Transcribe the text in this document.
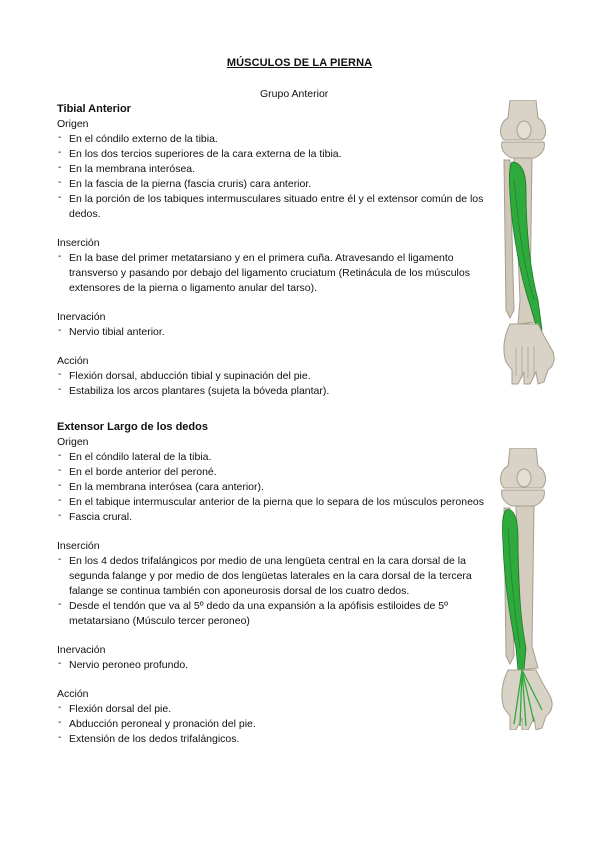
MÚSCULOS DE LA PIERNA
Grupo Anterior
Tibial Anterior
Origen
- En el cóndilo externo de la tibia.
- En los dos tercios superiores de la cara externa de la tibia.
- En la membrana interósea.
- En la fascia de la pierna (fascia cruris) cara anterior.
- En la porción de los tabiques intermusculares situado entre él y el extensor común de los dedos.
Inserción
- En la base del primer metatarsiano y en el primera cuña. Atravesando el ligamento transverso y pasando por debajo del ligamento cruciatum (Retinácula de los músculos extensores de la pierna o ligamento anular del tarso).
Inervación
- Nervio tibial anterior.
Acción
- Flexión dorsal, abducción tibial y supinación del pie.
- Estabiliza los arcos plantares (sujeta la bóveda plantar).
Extensor Largo de los dedos
Origen
- En el cóndilo lateral de la tibia.
- En el borde anterior del peroné.
- En la membrana interósea (cara anterior).
- En el tabique intermuscular anterior de la pierna que lo separa de los músculos peroneos
- Fascia crural.
Inserción
- En los 4 dedos trifalángicos por medio de una lengüeta central en la cara dorsal de la segunda falange y por medio de dos lengüetas laterales en la cara dorsal de la tercera falange se continua también con aponeurosis dorsal de los cuatro dedos.
- Desde el tendón que va al 5º dedo da una expansión a la apófisis estiloides de 5º metatarsiano (Músculo tercer peroneo)
Inervación
- Nervio peroneo profundo.
Acción
- Flexión dorsal del pie.
- Abducción peroneal y pronación del pie.
- Extensión de los dedos trifalángicos.
